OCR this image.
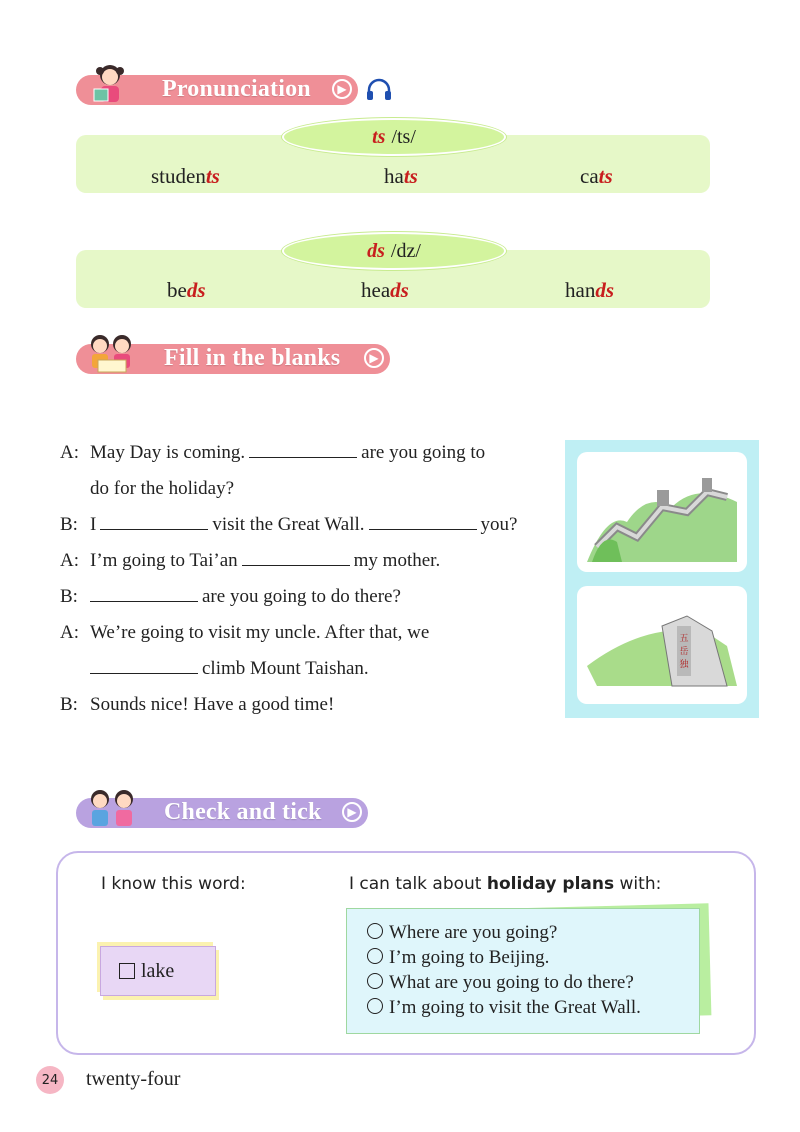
Pronunciation	▶
ts /ts/
students	hats	cats
ds /dz/
beds	heads	hands
Fill in the blanks	▶
A: May Day is coming.	are you going to
do for the holiday?
B: I	visit the Great Wall.	you?
A: I’m going to Tai’an	my mother.
B:	are you going to do there?
A: We’re going to visit my uncle. After that, we
climb Mount Taishan.
B: Sounds nice! Have a good time!
五
岳
独
Check and tick	▶
I know this word:	I can talk about holiday plans with:
lake
Where are you going?
I’m going to Beijing.
What are you going to do there?
I’m going to visit the Great Wall.
24 twenty-four
